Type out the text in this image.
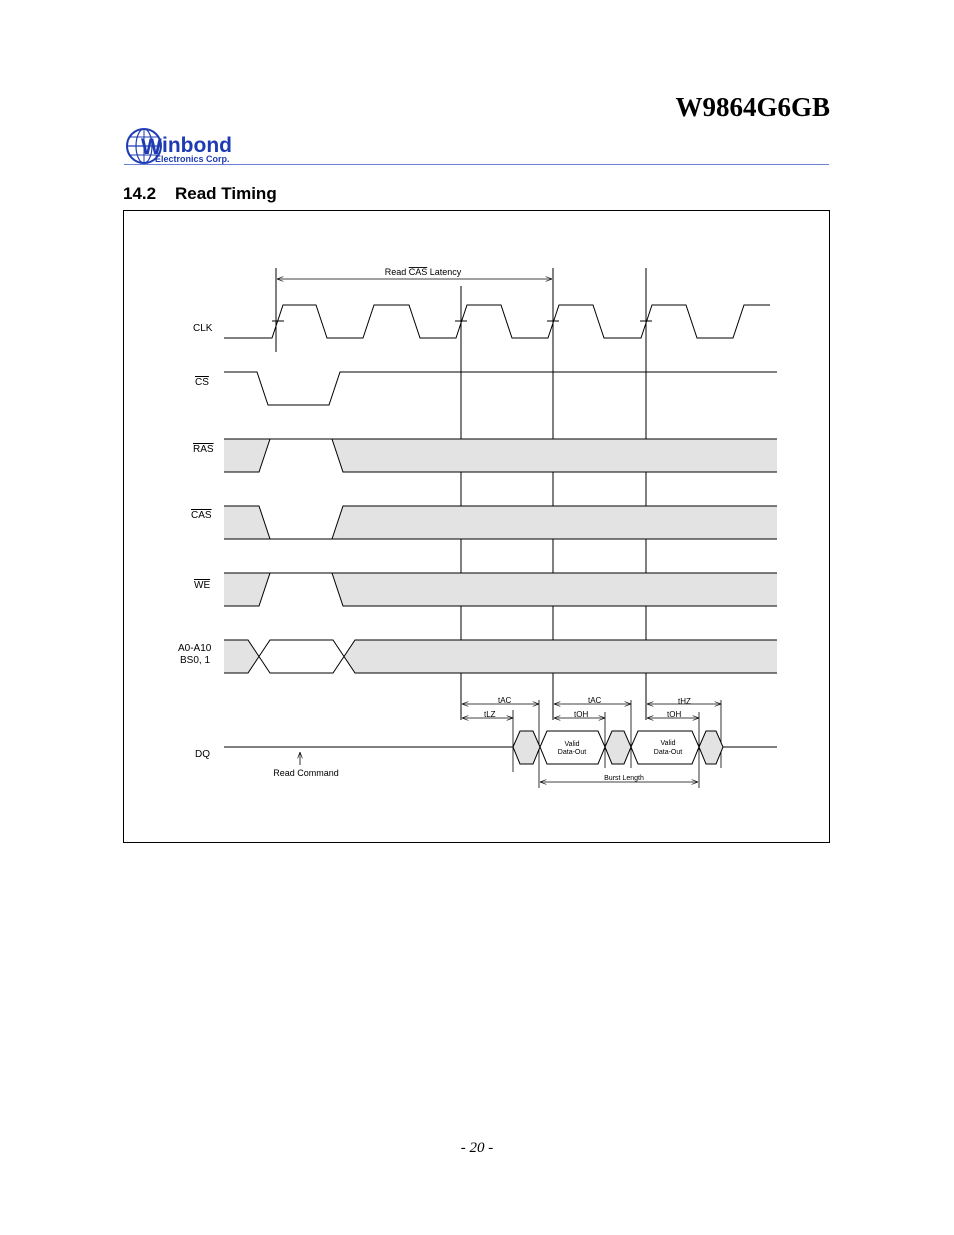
W9864G6GB
W inbond
Electronics Corp.
14.2 Read Timing
Read CAS Latency
CLK
CS
RAS
CAS
WE
A0-A10
BS0, 1
tAC
tLZ
tAC
tOH
tHZ
tOH
DQ
Valid
Data-Out
Valid
Data-Out
Burst Length
Read Command
- 20 -
